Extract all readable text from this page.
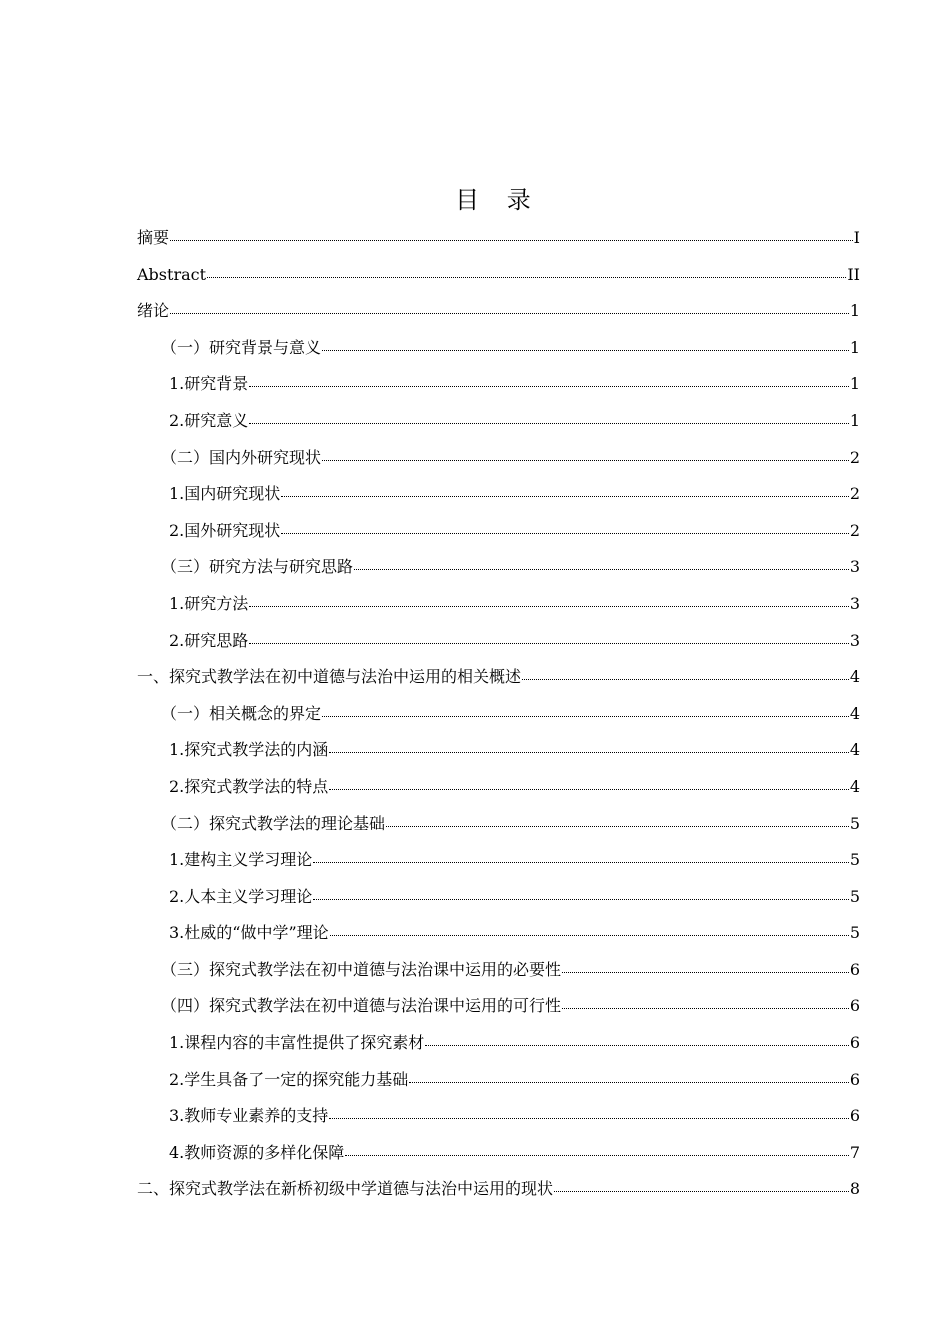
目 录
摘要	I
Abstract	II
绪论	1
（一）研究背景与意义	1
1.研究背景	1
2.研究意义	1
（二）国内外研究现状	2
1.国内研究现状	2
2.国外研究现状	2
（三）研究方法与研究思路	3
1.研究方法	3
2.研究思路	3
一、探究式教学法在初中道德与法治中运用的相关概述	4
（一）相关概念的界定	4
1.探究式教学法的内涵	4
2.探究式教学法的特点	4
（二）探究式教学法的理论基础	5
1.建构主义学习理论	5
2.人本主义学习理论	5
3.杜威的“做中学”理论	5
（三）探究式教学法在初中道德与法治课中运用的必要性	6
（四）探究式教学法在初中道德与法治课中运用的可行性	6
1.课程内容的丰富性提供了探究素材	6
2.学生具备了一定的探究能力基础	6
3.教师专业素养的支持	6
4.教师资源的多样化保障	7
二、探究式教学法在新桥初级中学道德与法治中运用的现状	8
